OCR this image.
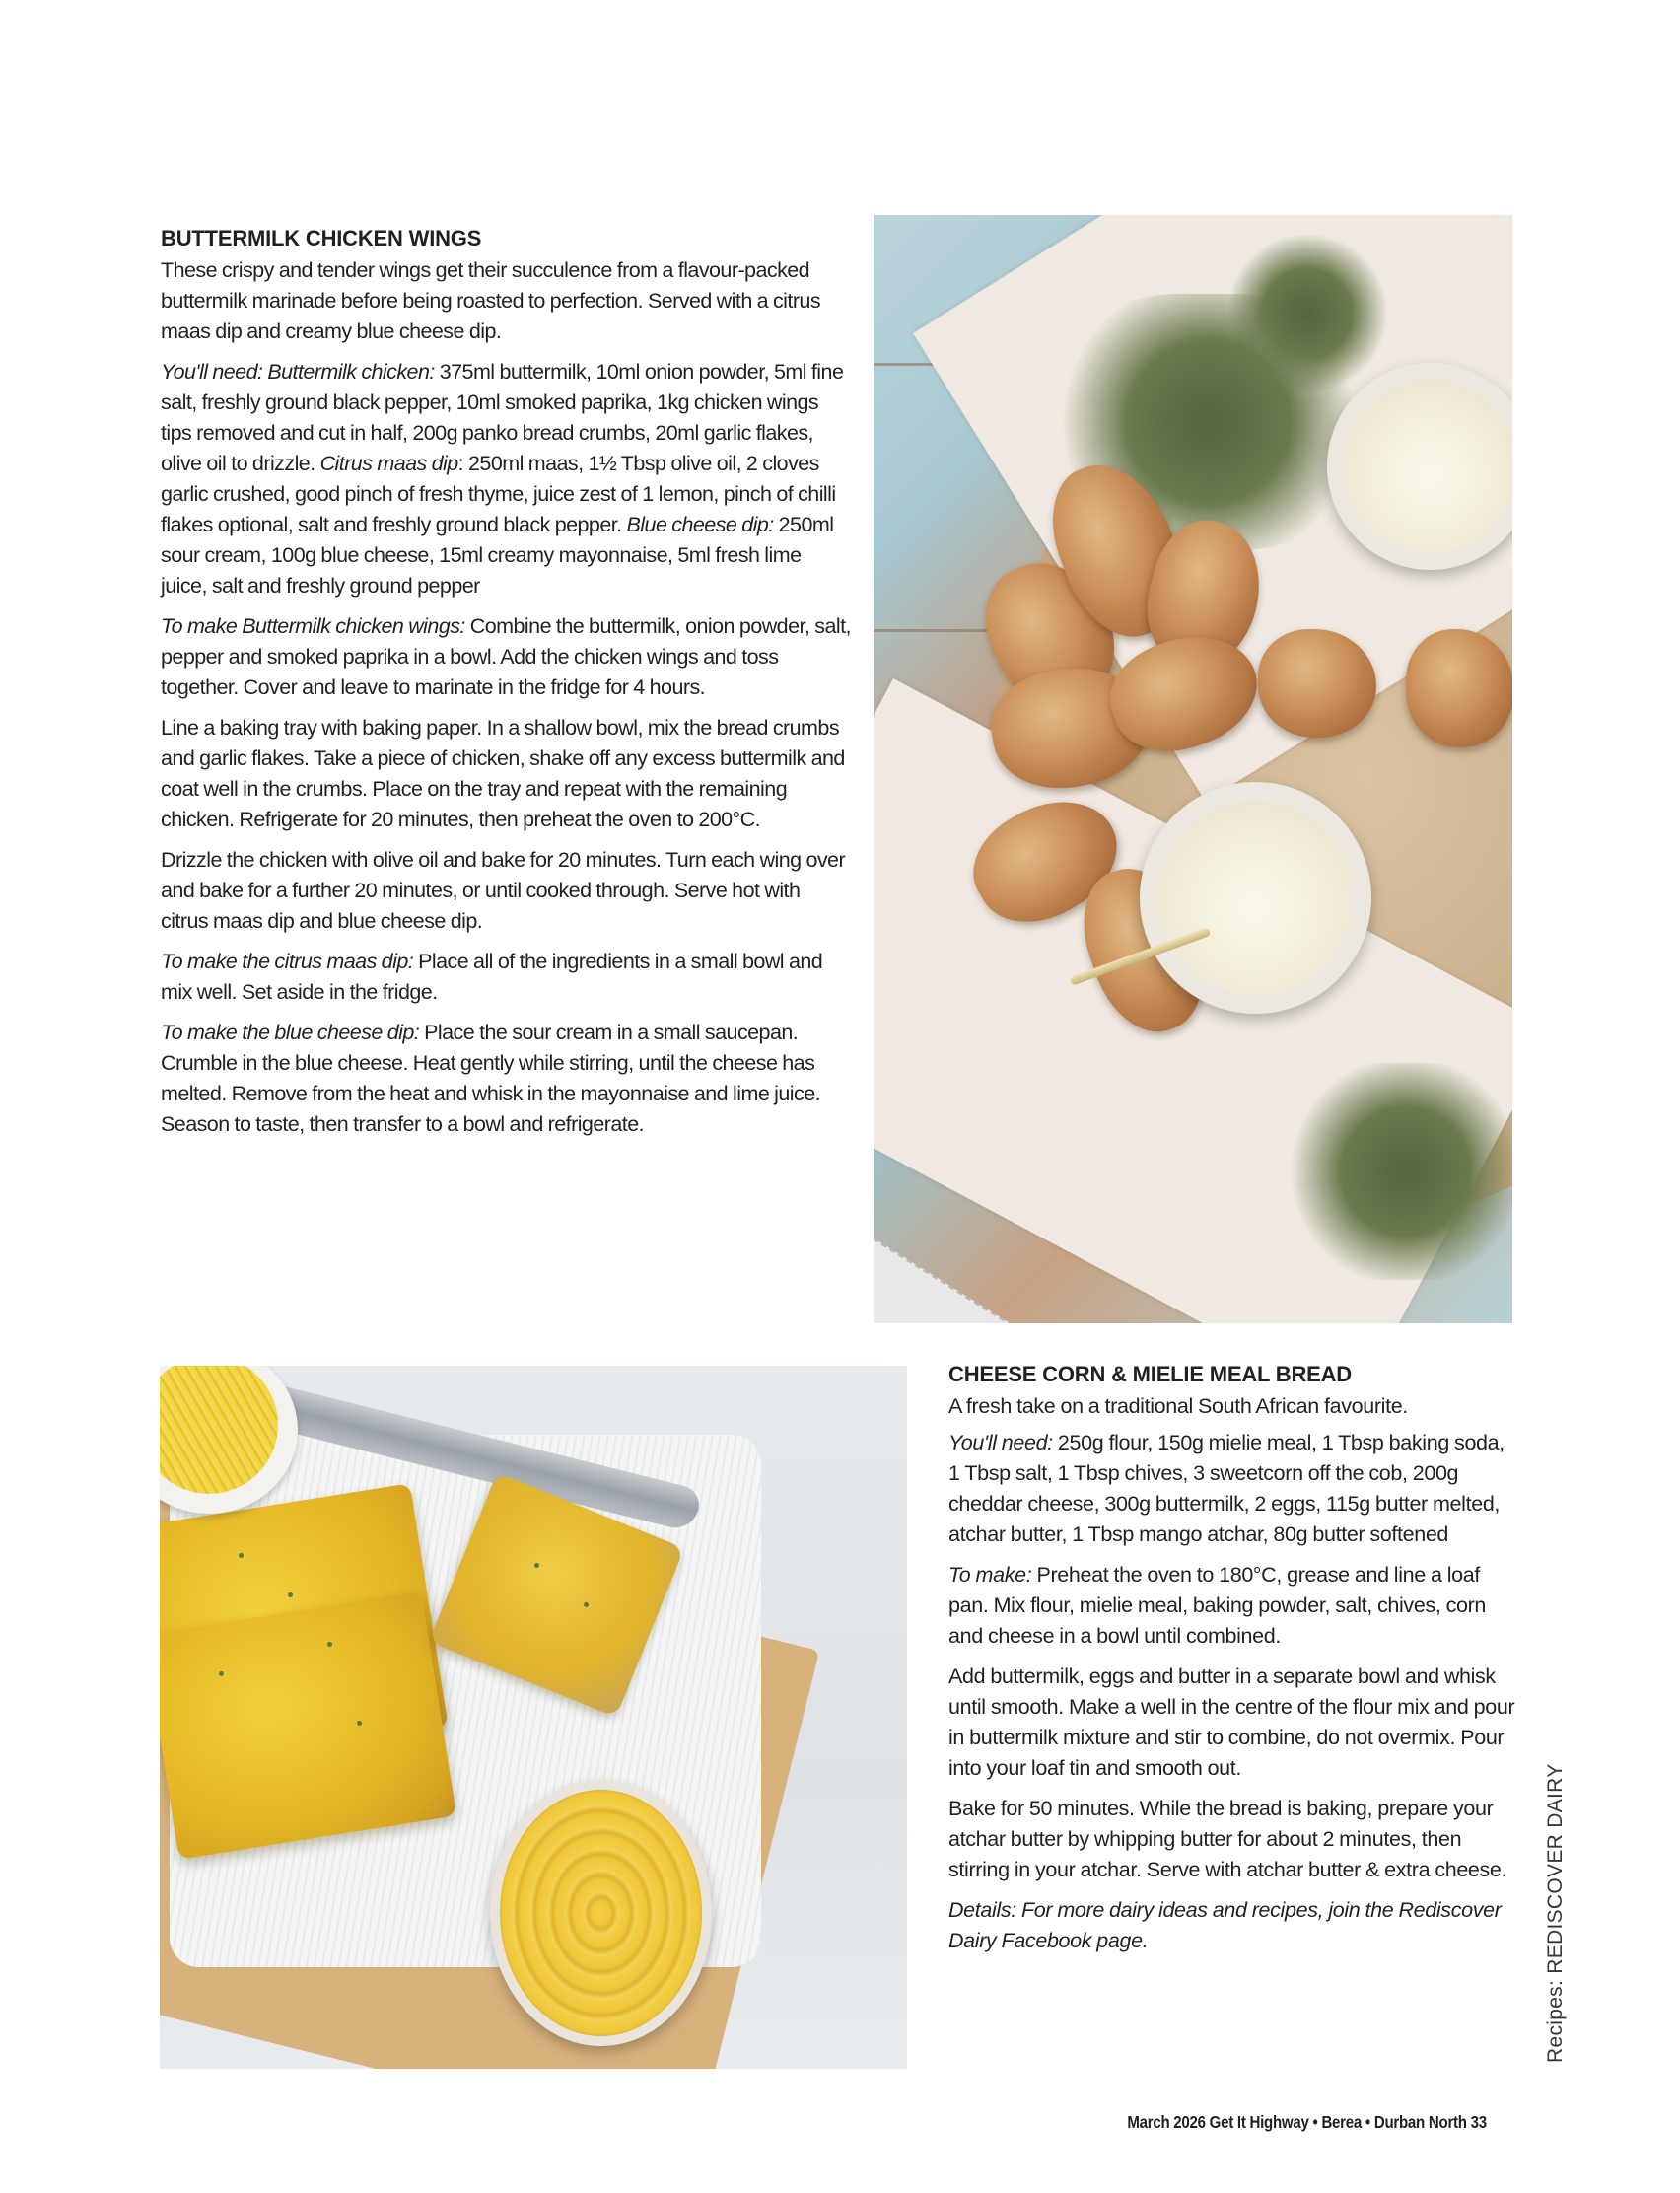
BUTTERMILK CHICKEN WINGS

These crispy and tender wings get their succulence from a flavour-packed buttermilk marinade before being roasted to perfection. Served with a citrus maas dip and creamy blue cheese dip.

You'll need: Buttermilk chicken: 375ml buttermilk, 10ml onion powder, 5ml fine salt, freshly ground black pepper, 10ml smoked paprika, 1kg chicken wings tips removed and cut in half, 200g panko bread crumbs, 20ml garlic flakes, olive oil to drizzle. Citrus maas dip: 250ml maas, 1½ Tbsp olive oil, 2 cloves garlic crushed, good pinch of fresh thyme, juice zest of 1 lemon, pinch of chilli flakes optional, salt and freshly ground black pepper. Blue cheese dip: 250ml sour cream, 100g blue cheese, 15ml creamy mayonnaise, 5ml fresh lime juice, salt and freshly ground pepper

To make Buttermilk chicken wings: Combine the buttermilk, onion powder, salt, pepper and smoked paprika in a bowl. Add the chicken wings and toss together. Cover and leave to marinate in the fridge for 4 hours.

Line a baking tray with baking paper. In a shallow bowl, mix the bread crumbs and garlic flakes. Take a piece of chicken, shake off any excess buttermilk and coat well in the crumbs. Place on the tray and repeat with the remaining chicken. Refrigerate for 20 minutes, then preheat the oven to 200°C.

Drizzle the chicken with olive oil and bake for 20 minutes. Turn each wing over and bake for a further 20 minutes, or until cooked through. Serve hot with citrus maas dip and blue cheese dip.

To make the citrus maas dip: Place all of the ingredients in a small bowl and mix well. Set aside in the fridge.

To make the blue cheese dip: Place the sour cream in a small saucepan. Crumble in the blue cheese. Heat gently while stirring, until the cheese has melted. Remove from the heat and whisk in the mayonnaise and lime juice. Season to taste, then transfer to a bowl and refrigerate.

CHEESE CORN & MIELIE MEAL BREAD

A fresh take on a traditional South African favourite.

You'll need: 250g flour, 150g mielie meal, 1 Tbsp baking soda, 1 Tbsp salt, 1 Tbsp chives, 3 sweetcorn off the cob, 200g cheddar cheese, 300g buttermilk, 2 eggs, 115g butter melted, atchar butter, 1 Tbsp mango atchar, 80g butter softened

To make: Preheat the oven to 180°C, grease and line a loaf pan. Mix flour, mielie meal, baking powder, salt, chives, corn and cheese in a bowl until combined.

Add buttermilk, eggs and butter in a separate bowl and whisk until smooth. Make a well in the centre of the flour mix and pour in buttermilk mixture and stir to combine, do not overmix. Pour into your loaf tin and smooth out.

Bake for 50 minutes. While the bread is baking, prepare your atchar butter by whipping butter for about 2 minutes, then stirring in your atchar. Serve with atchar butter & extra cheese.

Details: For more dairy ideas and recipes, join the Rediscover Dairy Facebook page.	Recipes: REDISCOVER DAIRY
March 2026 Get It Highway • Berea • Durban North 33
